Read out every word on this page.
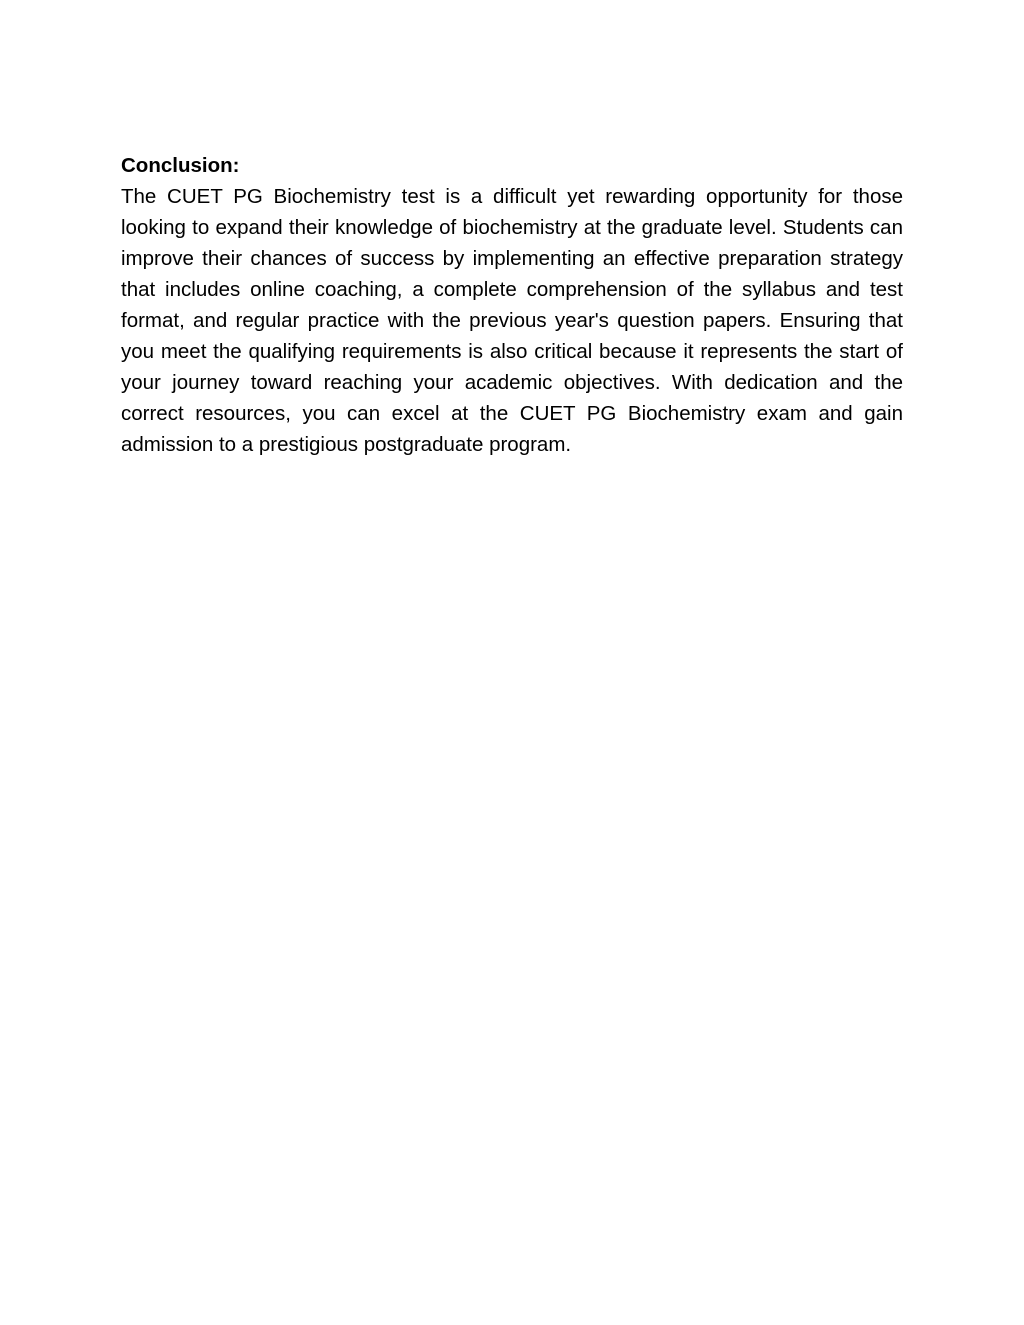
Conclusion:

The CUET PG Biochemistry test is a difficult yet rewarding opportunity for those looking to expand their knowledge of biochemistry at the graduate level. Students can improve their chances of success by implementing an effective preparation strategy that includes online coaching, a complete comprehension of the syllabus and test format, and regular practice with the previous year's question papers. Ensuring that you meet the qualifying requirements is also critical because it represents the start of your journey toward reaching your academic objectives. With dedication and the correct resources, you can excel at the CUET PG Biochemistry exam and gain admission to a prestigious postgraduate program.
